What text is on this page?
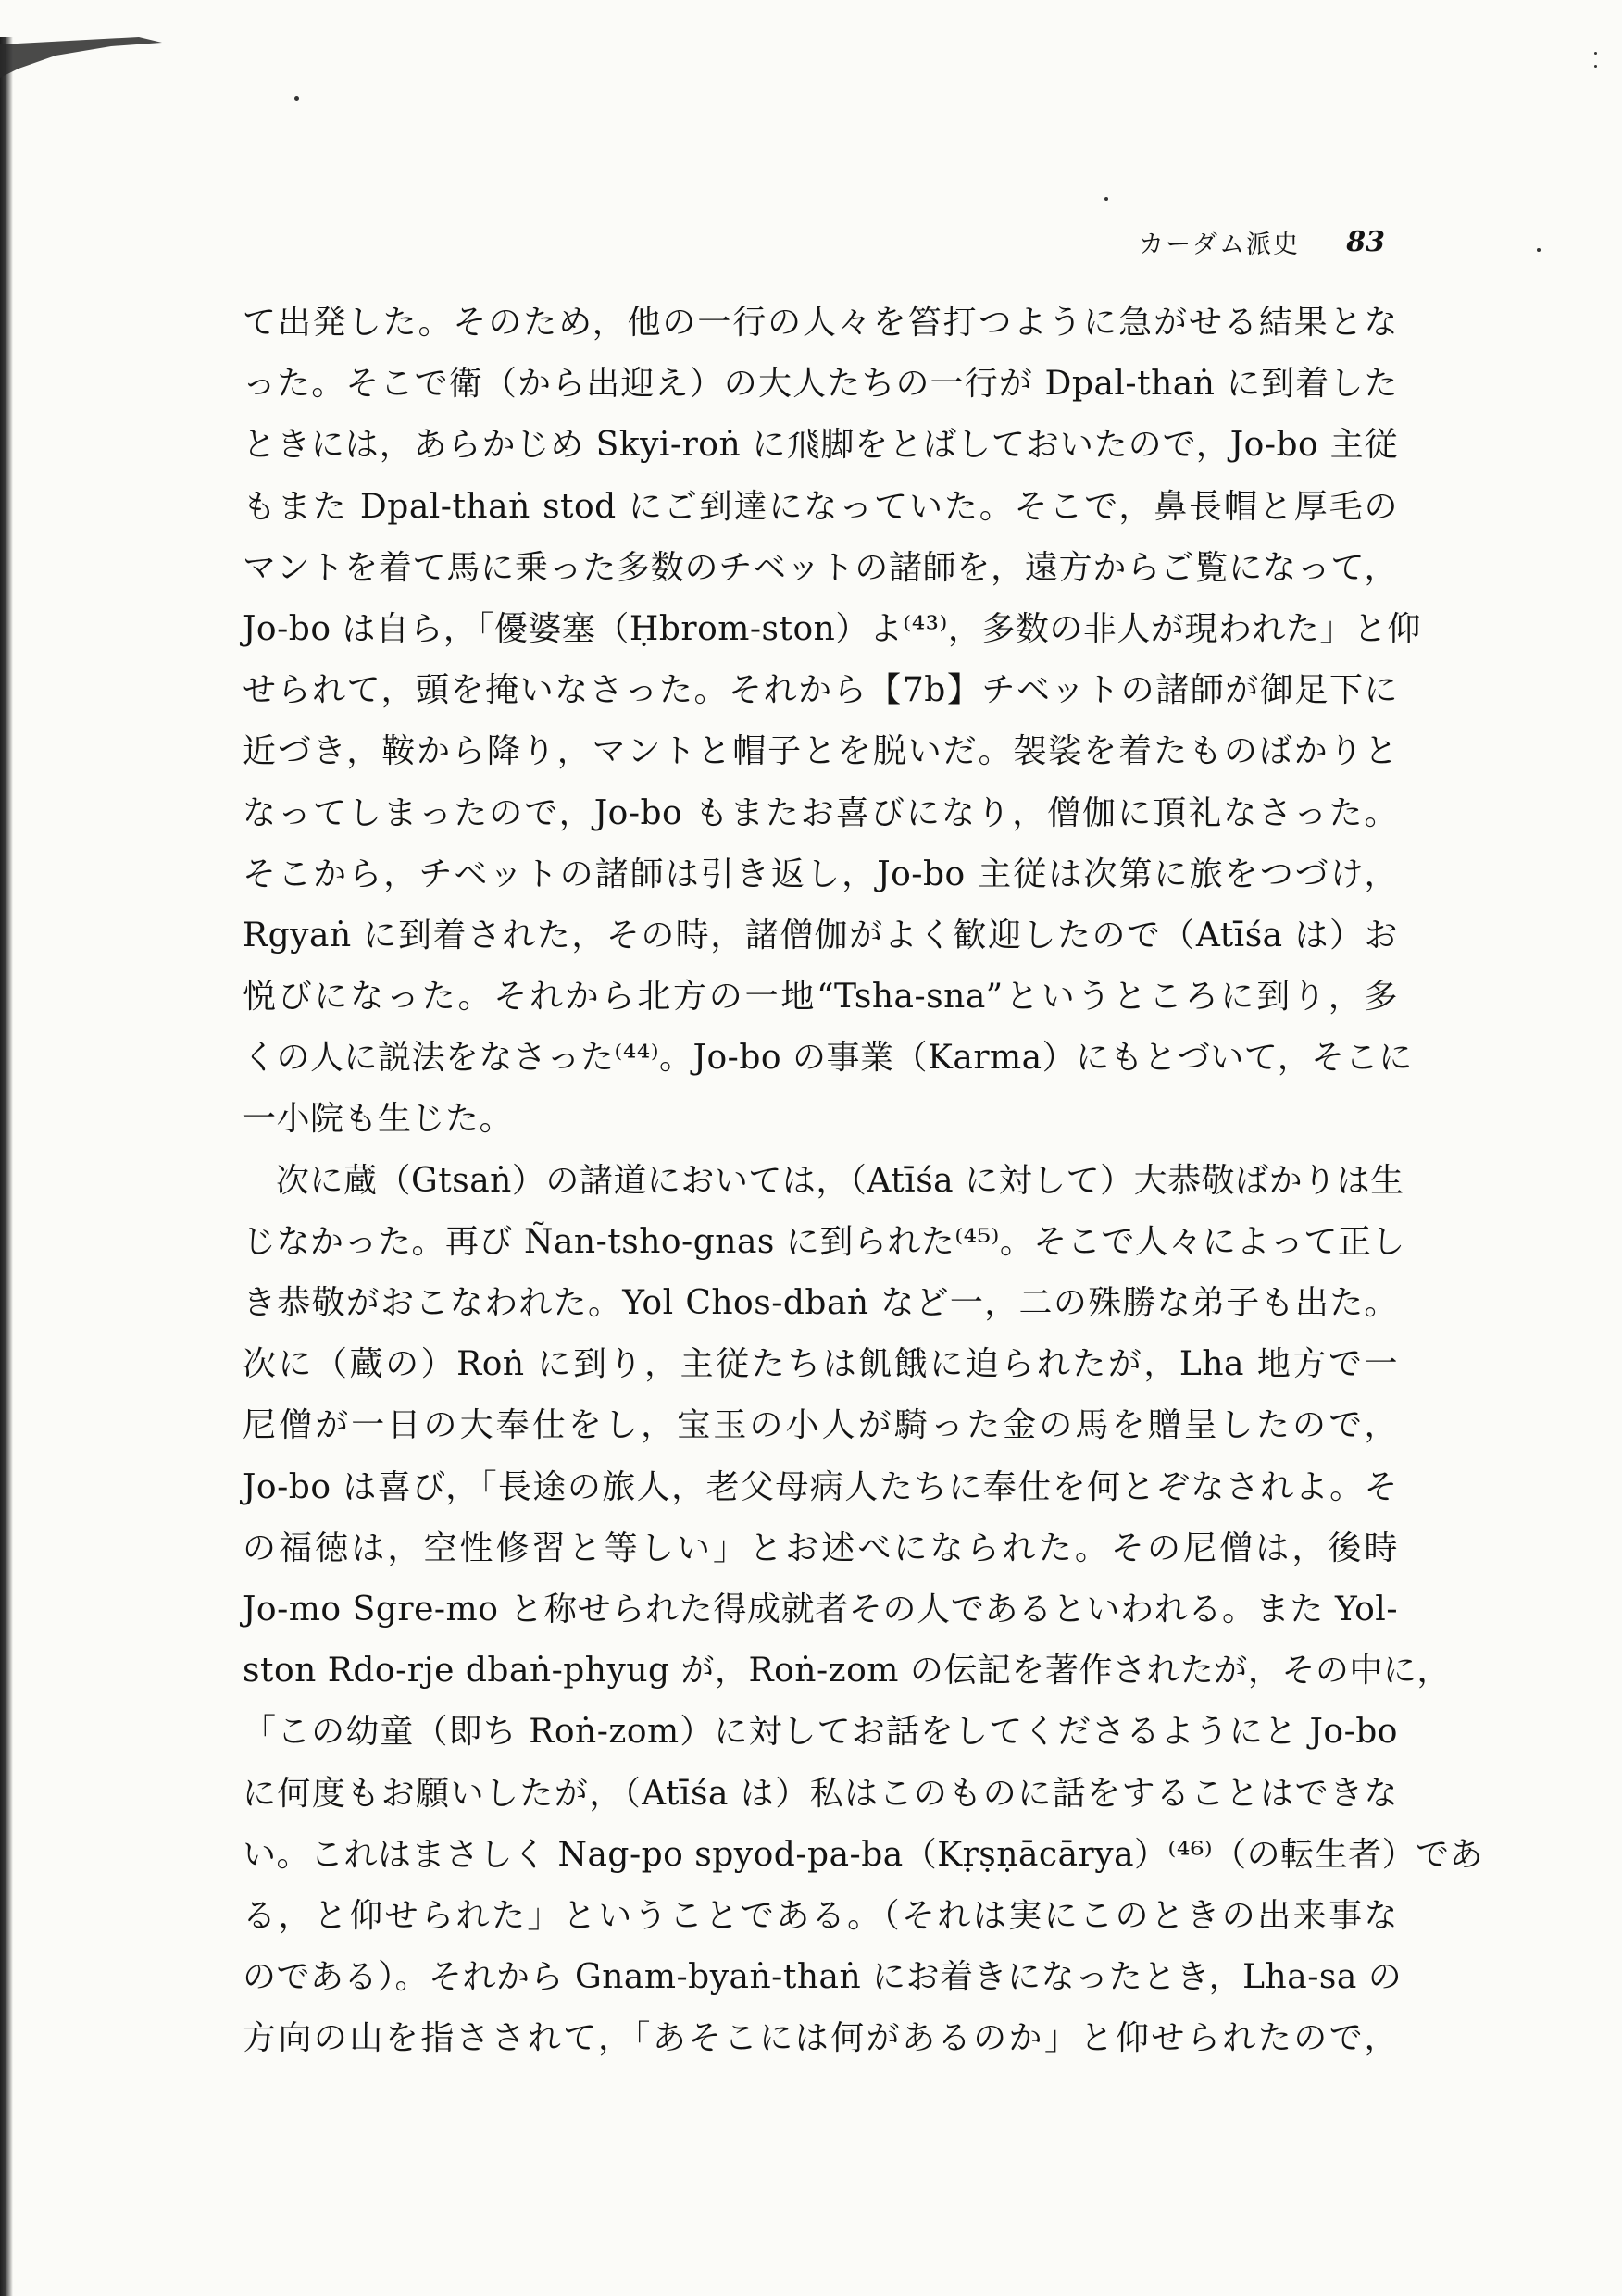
カーダム派史 83
て出発した。そのため，他の一行の人々を笞打つように急がせる結果とな
った。そこで衛（から出迎え）の大人たちの一行が Dpal-thaṅ に到着した
ときには，あらかじめ Skyi-roṅ に飛脚をとばしておいたので，Jo-bo 主従
もまた Dpal-thaṅ stod にご到達になっていた。そこで，鼻長帽と厚毛の
マントを着て馬に乗った多数のチベットの諸師を，遠方からご覧になって，
Jo-bo は自ら，「優婆塞（Ḥbrom-ston）よ⁽⁴³⁾，多数の非人が現われた」と仰
せられて，頭を掩いなさった。それから【7b】チベットの諸師が御足下に
近づき，鞍から降り，マントと帽子とを脱いだ。袈裟を着たものばかりと
なってしまったので，Jo-bo もまたお喜びになり，僧伽に頂礼なさった。
そこから，チベットの諸師は引き返し，Jo-bo 主従は次第に旅をつづけ，
Rgyaṅ に到着された，その時，諸僧伽がよく歓迎したので（Atīśa は）お
悦びになった。それから北方の一地“Tsha-sna”というところに到り，多
くの人に説法をなさった⁽⁴⁴⁾。Jo-bo の事業（Karma）にもとづいて，そこに
一小院も生じた。
次に蔵（Gtsaṅ）の諸道においては，（Atīśa に対して）大恭敬ばかりは生
じなかった。再び Ñan-tsho-gnas に到られた⁽⁴⁵⁾。そこで人々によって正し
き恭敬がおこなわれた。Yol Chos-dbaṅ など一，二の殊勝な弟子も出た。
次に（蔵の）Roṅ に到り，主従たちは飢餓に迫られたが，Lha 地方で一
尼僧が一日の大奉仕をし，宝玉の小人が騎った金の馬を贈呈したので，
Jo-bo は喜び，「長途の旅人，老父母病人たちに奉仕を何とぞなされよ。そ
の福徳は，空性修習と等しい」とお述べになられた。その尼僧は，後時
Jo-mo Sgre-mo と称せられた得成就者その人であるといわれる。また Yol-
ston Rdo-rje dbaṅ-phyug が，Roṅ-zom の伝記を著作されたが，その中に，
「この幼童（即ち Roṅ-zom）に対してお話をしてくださるようにと Jo-bo
に何度もお願いしたが，（Atīśa は）私はこのものに話をすることはできな
い。これはまさしく Nag-po spyod-pa-ba（Kṛṣṇācārya）⁽⁴⁶⁾（の転生者）であ
る，と仰せられた」ということである。（それは実にこのときの出来事な
のである）。それから Gnam-byaṅ-thaṅ にお着きになったとき，Lha-sa の
方向の山を指さされて，「あそこには何があるのか」と仰せられたので，
